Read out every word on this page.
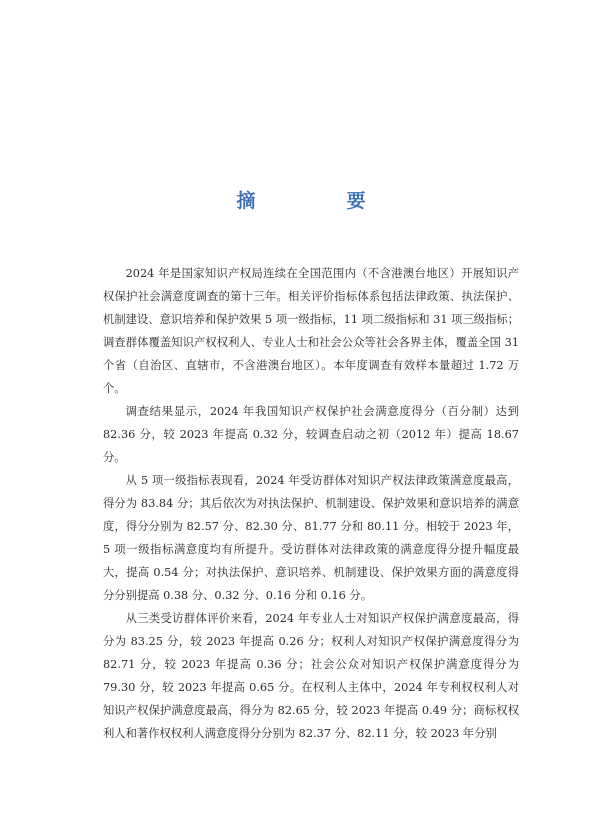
摘　要

2024 年是国家知识产权局连续在全国范围内（不含港澳台地区）开展知识产权保护社会满意度调查的第十三年。相关评价指标体系包括法律政策、执法保护、机制建设、意识培养和保护效果 5 项一级指标，11 项二级指标和 31 项三级指标；调查群体覆盖知识产权权利人、专业人士和社会公众等社会各界主体，覆盖全国 31 个省（自治区、直辖市，不含港澳台地区）。本年度调查有效样本量超过 1.72 万个。

调查结果显示，2024 年我国知识产权保护社会满意度得分（百分制）达到 82.36 分，较 2023 年提高 0.32 分，较调查启动之初（2012 年）提高 18.67 分。

从 5 项一级指标表现看，2024 年受访群体对知识产权法律政策满意度最高，得分为 83.84 分；其后依次为对执法保护、机制建设、保护效果和意识培养的满意度，得分分别为 82.57 分、82.30 分、81.77 分和 80.11 分。相较于 2023 年，5 项一级指标满意度均有所提升。受访群体对法律政策的满意度得分提升幅度最大，提高 0.54 分；对执法保护、意识培养、机制建设、保护效果方面的满意度得分分别提高 0.38 分、0.32 分、0.16 分和 0.16 分。

从三类受访群体评价来看，2024 年专业人士对知识产权保护满意度最高，得分为 83.25 分，较 2023 年提高 0.26 分；权利人对知识产权保护满意度得分为 82.71 分，较 2023 年提高 0.36 分；社会公众对知识产权保护满意度得分为 79.30 分，较 2023 年提高 0.65 分。在权利人主体中，2024 年专利权权利人对知识产权保护满意度最高，得分为 82.65 分，较 2023 年提高 0.49 分；商标权权利人和著作权权利人满意度得分分别为 82.37 分、82.11 分，较 2023 年分别
